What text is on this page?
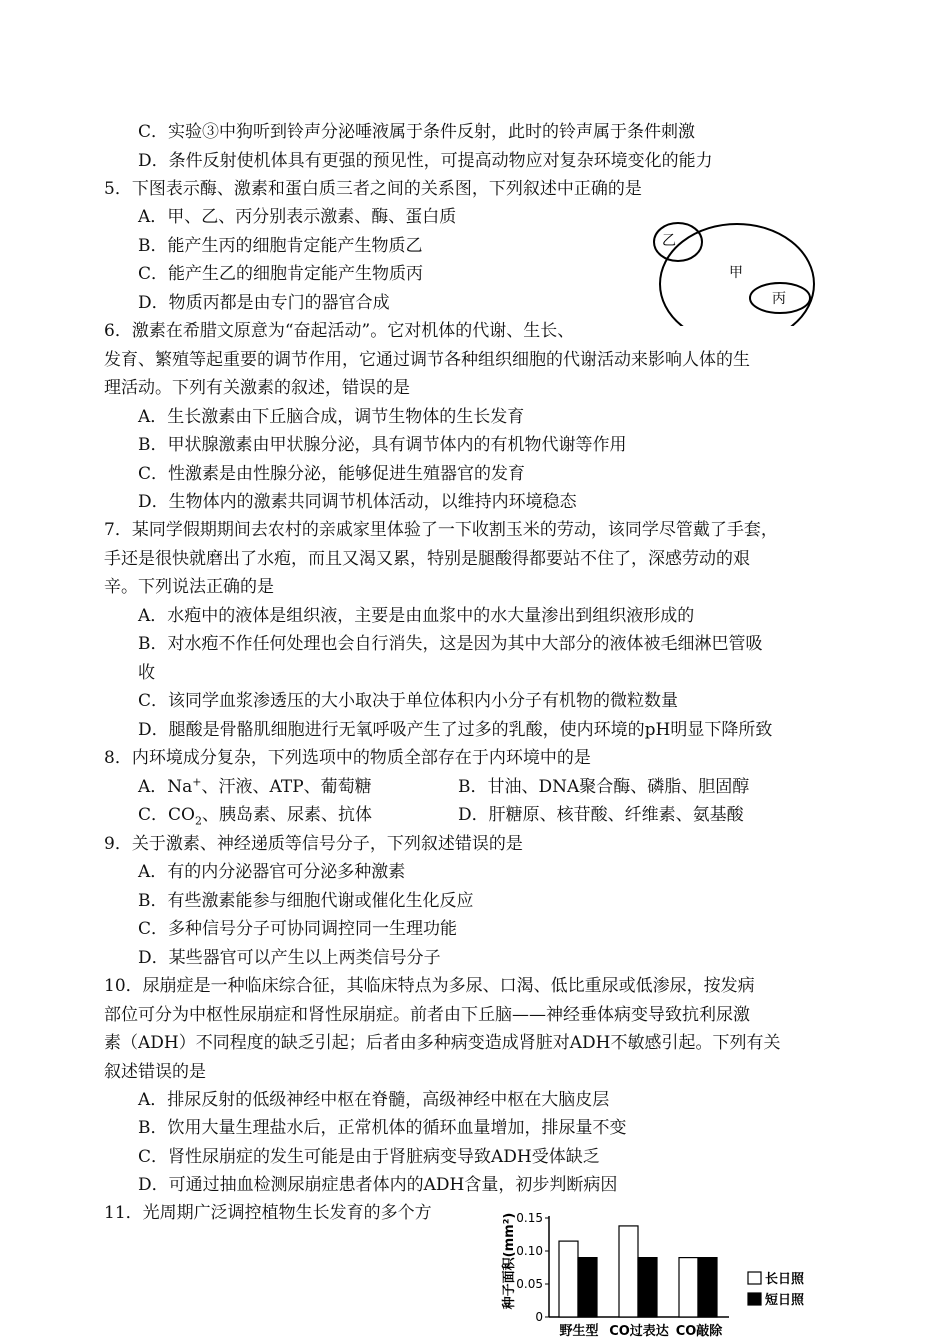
C．实验③中狗听到铃声分泌唾液属于条件反射，此时的铃声属于条件刺激
D．条件反射使机体具有更强的预见性，可提高动物应对复杂环境变化的能力
5．下图表示酶、激素和蛋白质三者之间的关系图，下列叙述中正确的是
A．甲、乙、丙分别表示激素、酶、蛋白质
B．能产生丙的细胞肯定能产生物质乙
C．能产生乙的细胞肯定能产生物质丙
D．物质丙都是由专门的器官合成
甲
乙
丙
6．激素在希腊文原意为“奋起活动”。它对机体的代谢、生长、
发育、繁殖等起重要的调节作用，它通过调节各种组织细胞的代谢活动来影响人体的生
理活动。下列有关激素的叙述，错误的是
A．生长激素由下丘脑合成，调节生物体的生长发育
B．甲状腺激素由甲状腺分泌，具有调节体内的有机物代谢等作用
C．性激素是由性腺分泌，能够促进生殖器官的发育
D．生物体内的激素共同调节机体活动，以维持内环境稳态
7．某同学假期期间去农村的亲戚家里体验了一下收割玉米的劳动，该同学尽管戴了手套，
手还是很快就磨出了水疱，而且又渴又累，特别是腿酸得都要站不住了，深感劳动的艰
辛。下列说法正确的是
A．水疱中的液体是组织液，主要是由血浆中的水大量渗出到组织液形成的
B．对水疱不作任何处理也会自行消失，这是因为其中大部分的液体被毛细淋巴管吸
收
C．该同学血浆渗透压的大小取决于单位体积内小分子有机物的微粒数量
D．腿酸是骨骼肌细胞进行无氧呼吸产生了过多的乳酸，使内环境的pH明显下降所致
8．内环境成分复杂，下列选项中的物质全部存在于内环境中的是
A．Na+、汗液、ATP、葡萄糖	B．甘油、DNA聚合酶、磷脂、胆固醇
C．$CO_2$、胰岛素、尿素、抗体	D．肝糖原、核苷酸、纤维素、氨基酸
9．关于激素、神经递质等信号分子，下列叙述错误的是
A．有的内分泌器官可分泌多种激素
B．有些激素能参与细胞代谢或催化生化反应
C．多种信号分子可协同调控同一生理功能
D．某些器官可以产生以上两类信号分子
10．尿崩症是一种临床综合征，其临床特点为多尿、口渴、低比重尿或低渗尿，按发病
部位可分为中枢性尿崩症和肾性尿崩症。前者由下丘脑——神经垂体病变导致抗利尿激
素（ADH）不同程度的缺乏引起；后者由多种病变造成肾脏对ADH不敏感引起。下列有关
叙述错误的是
A．排尿反射的低级神经中枢在脊髓，高级神经中枢在大脑皮层
B．饮用大量生理盐水后，正常机体的循环血量增加，排尿量不变
C．肾性尿崩症的发生可能是由于肾脏病变导致ADH受体缺乏
D．可通过抽血检测尿崩症患者体内的ADH含量，初步判断病因
11．光周期广泛调控植物生长发育的多个方	种子面积(mm²) 0.15
0.10
0.05
0
野生型 CO过表达 CO敲除
长日照
短日照
